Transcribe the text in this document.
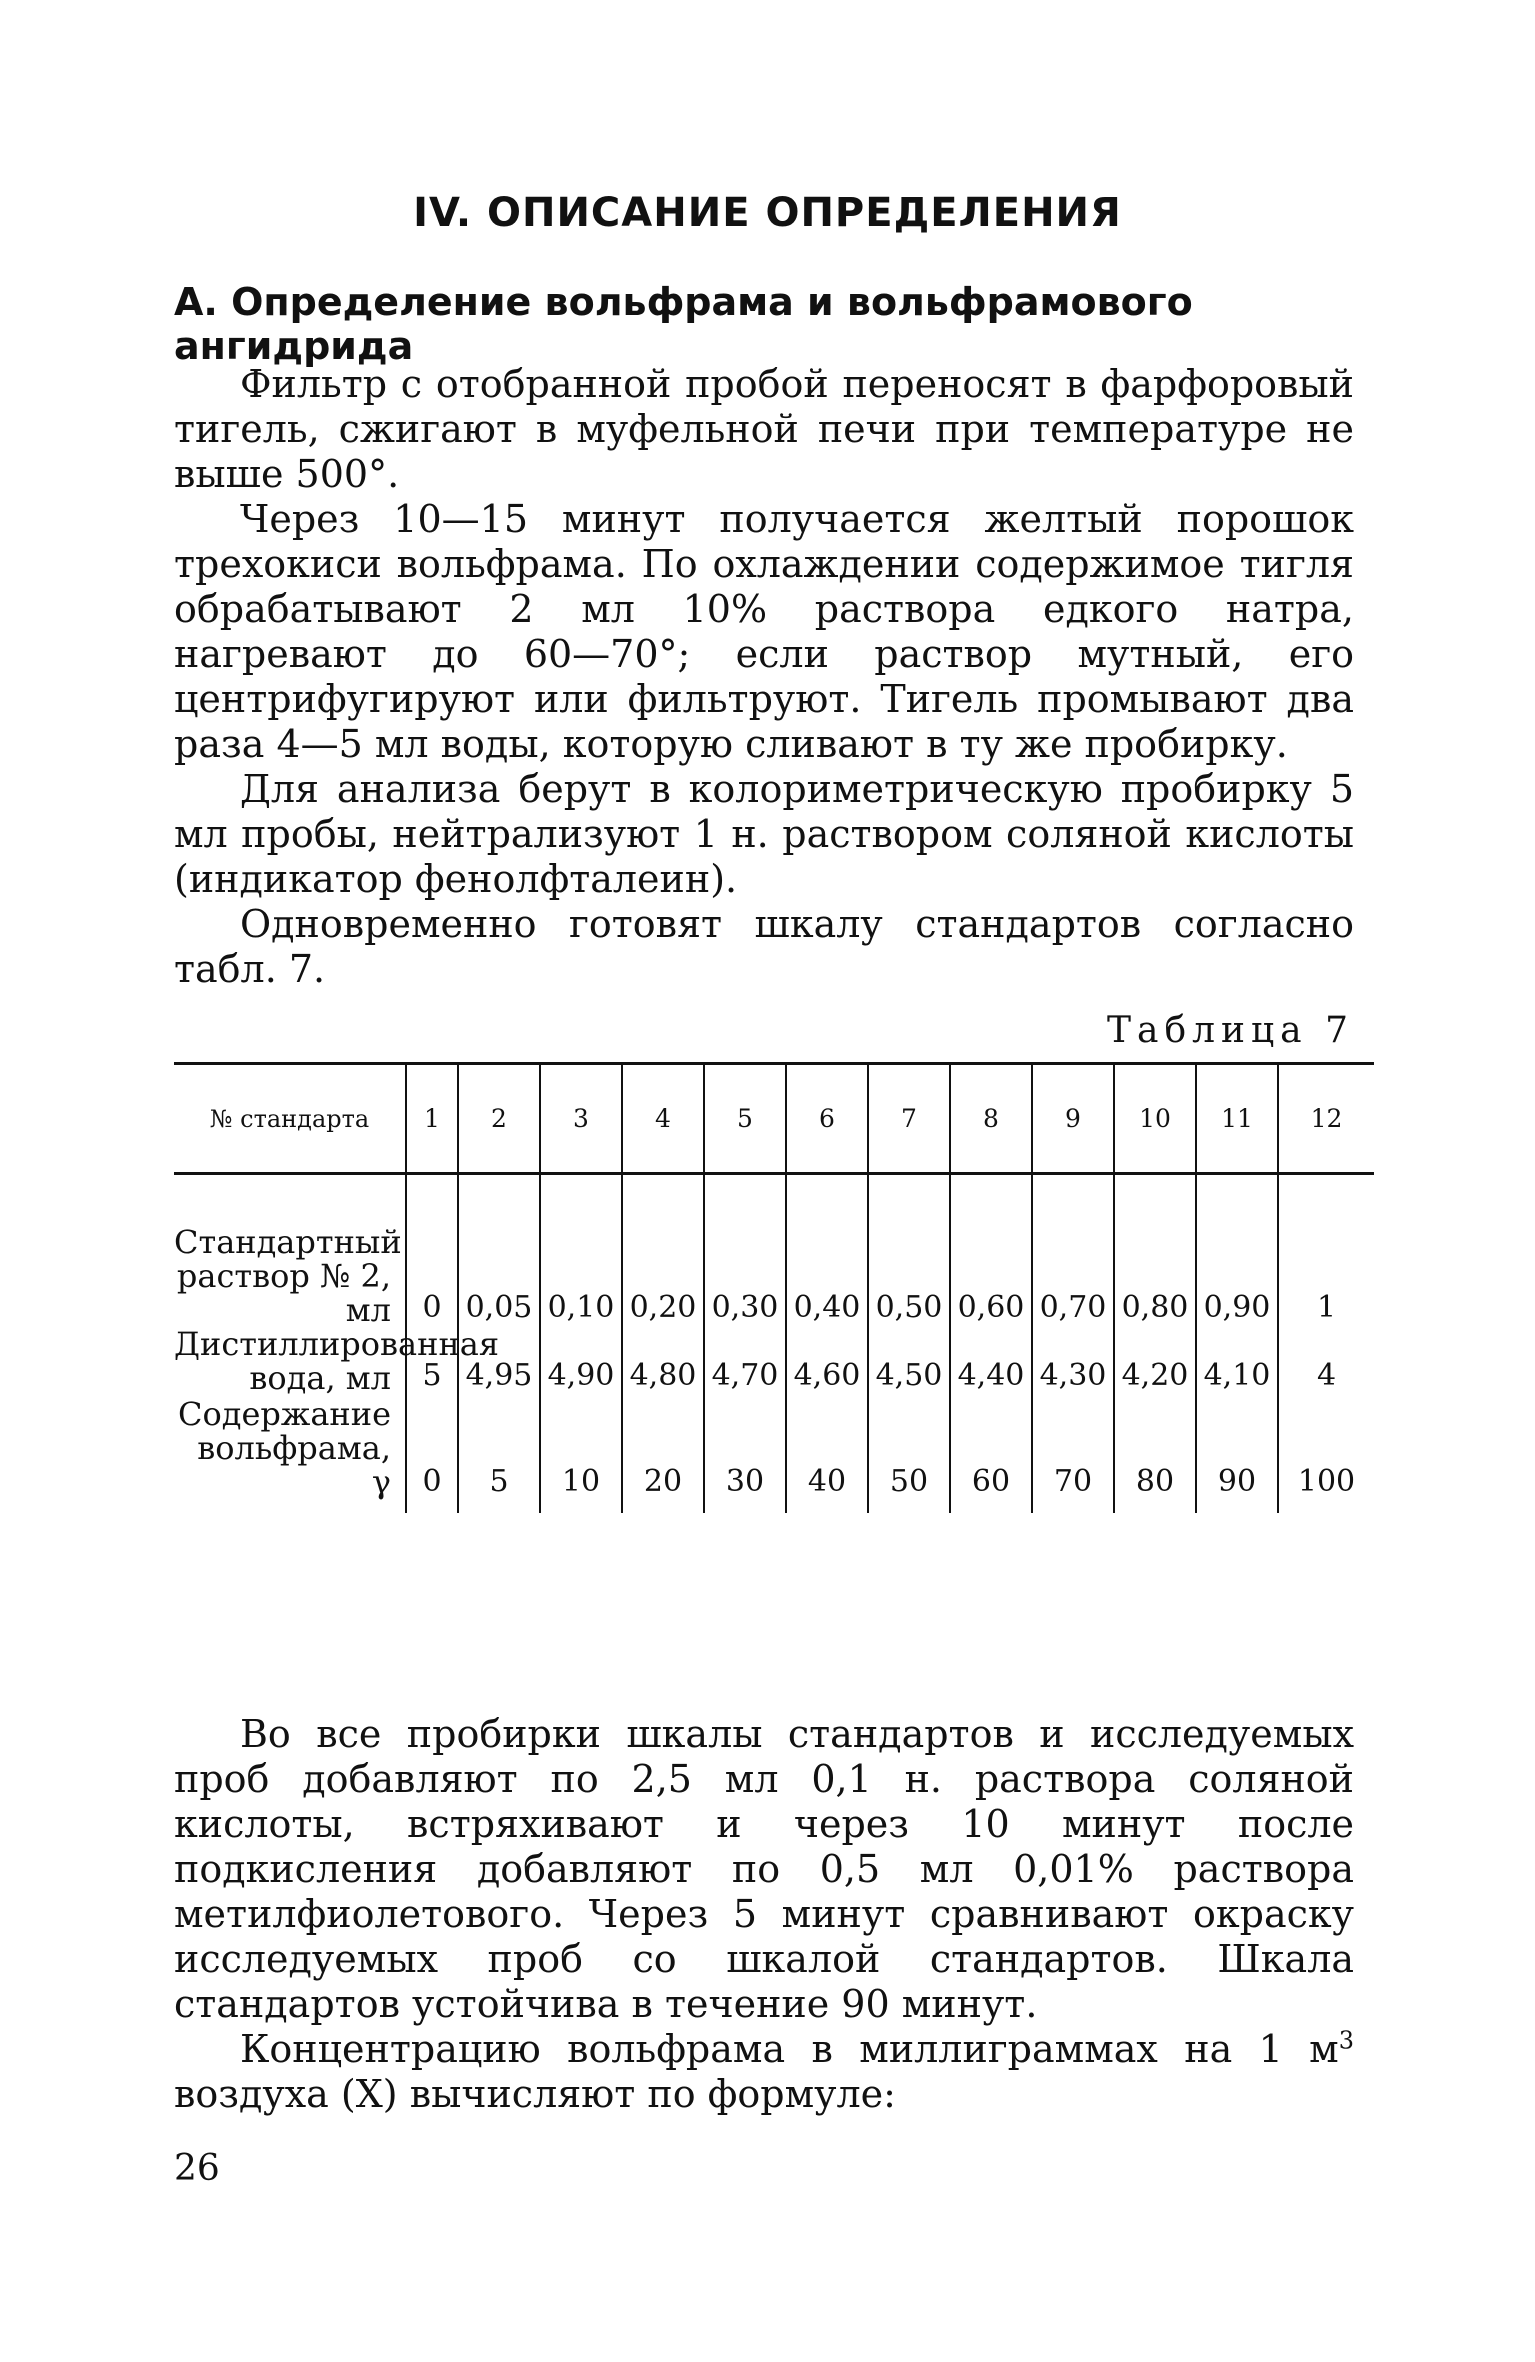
IV. ОПИСАНИЕ ОПРЕДЕЛЕНИЯ
А. Определение вольфрама и вольфрамового ангидрида

Фильтр с отобранной пробой переносят в фарфоровый тигель, сжигают в муфельной печи при температуре не выше 500°.

Через 10—15 минут получается желтый порошок трехокиси вольфрама. По охлаждении содержимое тигля обрабатывают 2 мл 10% раствора едкого натра, нагревают до 60—70°; если раствор мутный, его центрифугируют или фильтруют. Тигель промывают два раза 4—5 мл воды, которую сливают в ту же пробирку.

Для анализа берут в колориметрическую пробирку 5 мл пробы, нейтрализуют 1 н. раствором соляной кислоты (индикатор фенолфталеин).

Одновременно готовят шкалу стандартов согласно табл. 7.

Таблица 7
№ стандарта	1	2	3	4	5	6	7	8	9	10	11	12
Стандартный раствор № 2, мл	0	0,05	0,10	0,20	0,30	0,40	0,50	0,60	0,70	0,80	0,90	1
Дистиллированная вода, мл	5	4,95	4,90	4,80	4,70	4,60	4,50	4,40	4,30	4,20	4,10	4
Содержание вольфрама, γ	0	5	10	20	30	40	50	60	70	80	90	100

Во все пробирки шкалы стандартов и исследуемых проб добавляют по 2,5 мл 0,1 н. раствора соляной кислоты, встряхивают и через 10 минут после подкисления добавляют по 0,5 мл 0,01% раствора метилфиолетового. Через 5 минут сравнивают окраску исследуемых проб со шкалой стандартов. Шкала стандартов устойчива в течение 90 минут.

Концентрацию вольфрама в миллиграммах на 1 $м^3$ воздуха (X) вычисляют по формуле:

26
